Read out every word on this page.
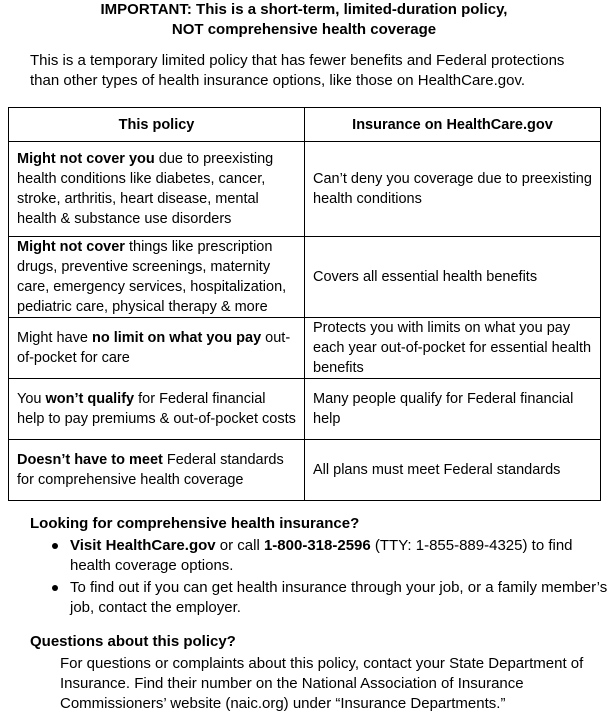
IMPORTANT: This is a short-term, limited-duration policy,
NOT comprehensive health coverage
This is a temporary limited policy that has fewer benefits and Federal protections than other types of health insurance options, like those on HealthCare.gov.
This policy	Insurance on HealthCare.gov
Might not cover you due to preexisting health conditions like diabetes, cancer, stroke, arthritis, heart disease, mental health & substance use disorders	Can’t deny you coverage due to preexisting health conditions
Might not cover things like prescription drugs, preventive screenings, maternity care, emergency services, hospitalization, pediatric care, physical therapy & more	Covers all essential health benefits
Might have no limit on what you pay out-of-pocket for care	Protects you with limits on what you pay each year out-of-pocket for essential health benefits
You won’t qualify for Federal financial help to pay premiums & out-of-pocket costs	Many people qualify for Federal financial help
Doesn’t have to meet Federal standards for comprehensive health coverage	All plans must meet Federal standards
Looking for comprehensive health insurance?
Visit HealthCare.gov or call 1-800-318-2596 (TTY: 1-855-889-4325) to find health coverage options.
To find out if you can get health insurance through your job, or a family member’s job, contact the employer.
Questions about this policy?
For questions or complaints about this policy, contact your State Department of Insurance. Find their number on the National Association of Insurance Commissioners’ website (naic.org) under “Insurance Departments.”
